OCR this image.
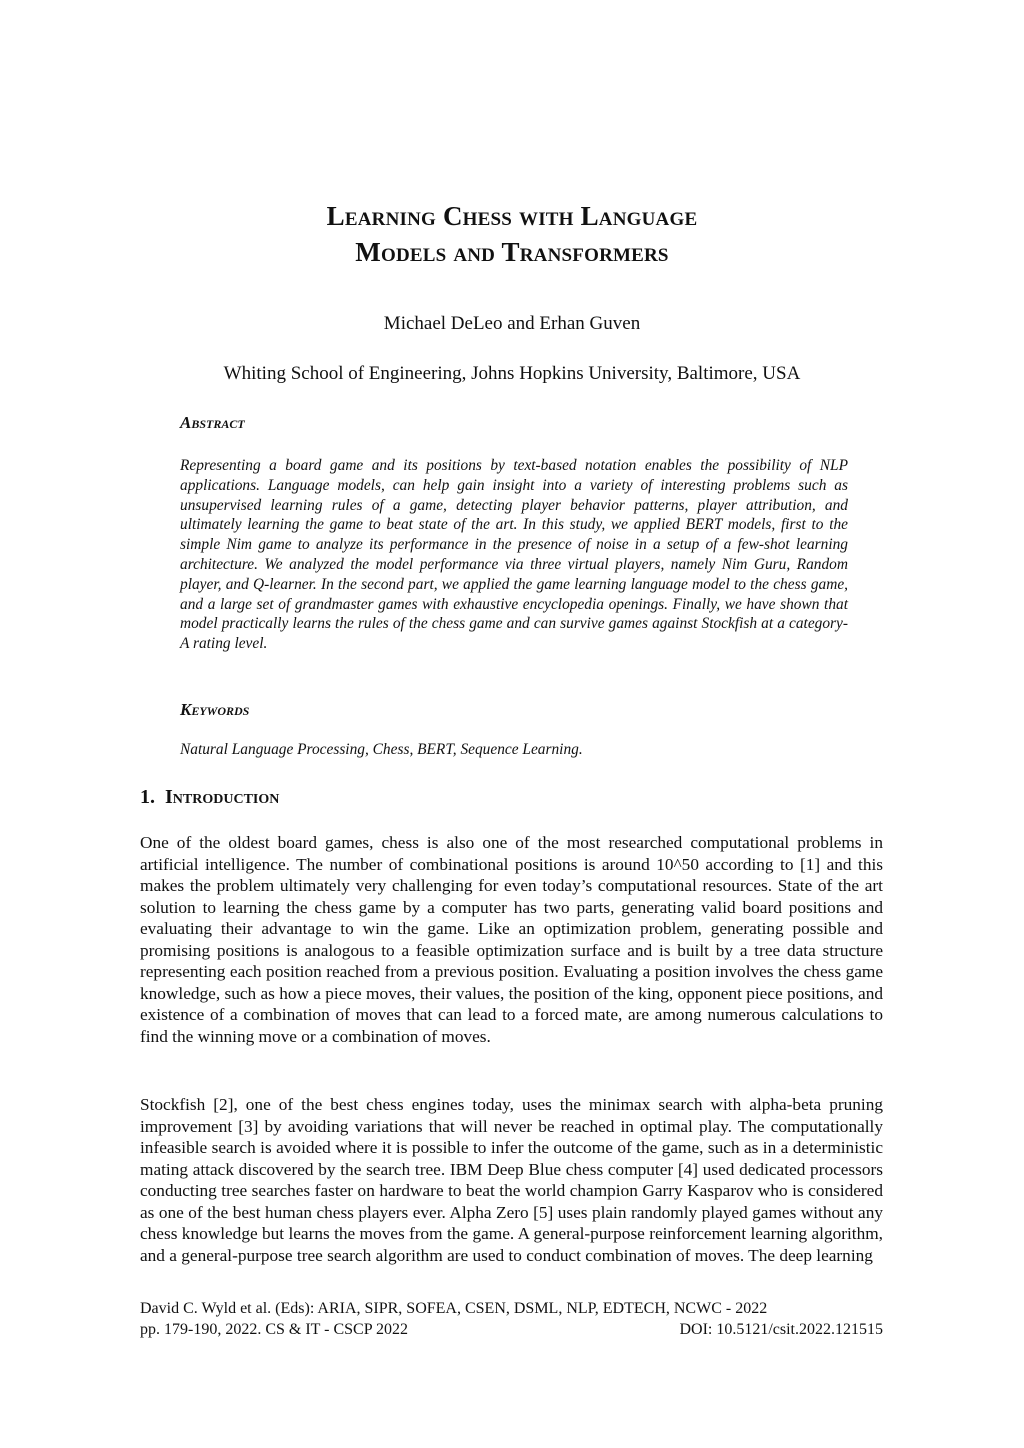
Learning Chess with Language
Models and Transformers
Michael DeLeo and Erhan Guven
Whiting School of Engineering, Johns Hopkins University, Baltimore, USA
Abstract

Representing a board game and its positions by text-based notation enables the possibility of NLP applications. Language models, can help gain insight into a variety of interesting problems such as unsupervised learning rules of a game, detecting player behavior patterns, player attribution, and ultimately learning the game to beat state of the art. In this study, we applied BERT models, first to the simple Nim game to analyze its performance in the presence of noise in a setup of a few-shot learning architecture. We analyzed the model performance via three virtual players, namely Nim Guru, Random player, and Q-learner. In the second part, we applied the game learning language model to the chess game, and a large set of grandmaster games with exhaustive encyclopedia openings. Finally, we have shown that model practically learns the rules of the chess game and can survive games against Stockfish at a category-A rating level.

Keywords

Natural Language Processing, Chess, BERT, Sequence Learning.

1. Introduction

One of the oldest board games, chess is also one of the most researched computational problems in artificial intelligence. The number of combinational positions is around 10^50 according to [1] and this makes the problem ultimately very challenging for even today’s computational resources. State of the art solution to learning the chess game by a computer has two parts, generating valid board positions and evaluating their advantage to win the game. Like an optimization problem, generating possible and promising positions is analogous to a feasible optimization surface and is built by a tree data structure representing each position reached from a previous position. Evaluating a position involves the chess game knowledge, such as how a piece moves, their values, the position of the king, opponent piece positions, and existence of a combination of moves that can lead to a forced mate, are among numerous calculations to find the winning move or a combination of moves.

Stockfish [2], one of the best chess engines today, uses the minimax search with alpha-beta pruning improvement [3] by avoiding variations that will never be reached in optimal play. The computationally infeasible search is avoided where it is possible to infer the outcome of the game, such as in a deterministic mating attack discovered by the search tree. IBM Deep Blue chess computer [4] used dedicated processors conducting tree searches faster on hardware to beat the world champion Garry Kasparov who is considered as one of the best human chess players ever. Alpha Zero [5] uses plain randomly played games without any chess knowledge but learns the moves from the game. A general-purpose reinforcement learning algorithm, and a general-purpose tree search algorithm are used to conduct combination of moves. The deep learning

David C. Wyld et al. (Eds): ARIA, SIPR, SOFEA, CSEN, DSML, NLP, EDTECH, NCWC - 2022
pp. 179-190, 2022. CS & IT - CSCP 2022	DOI: 10.5121/csit.2022.121515
